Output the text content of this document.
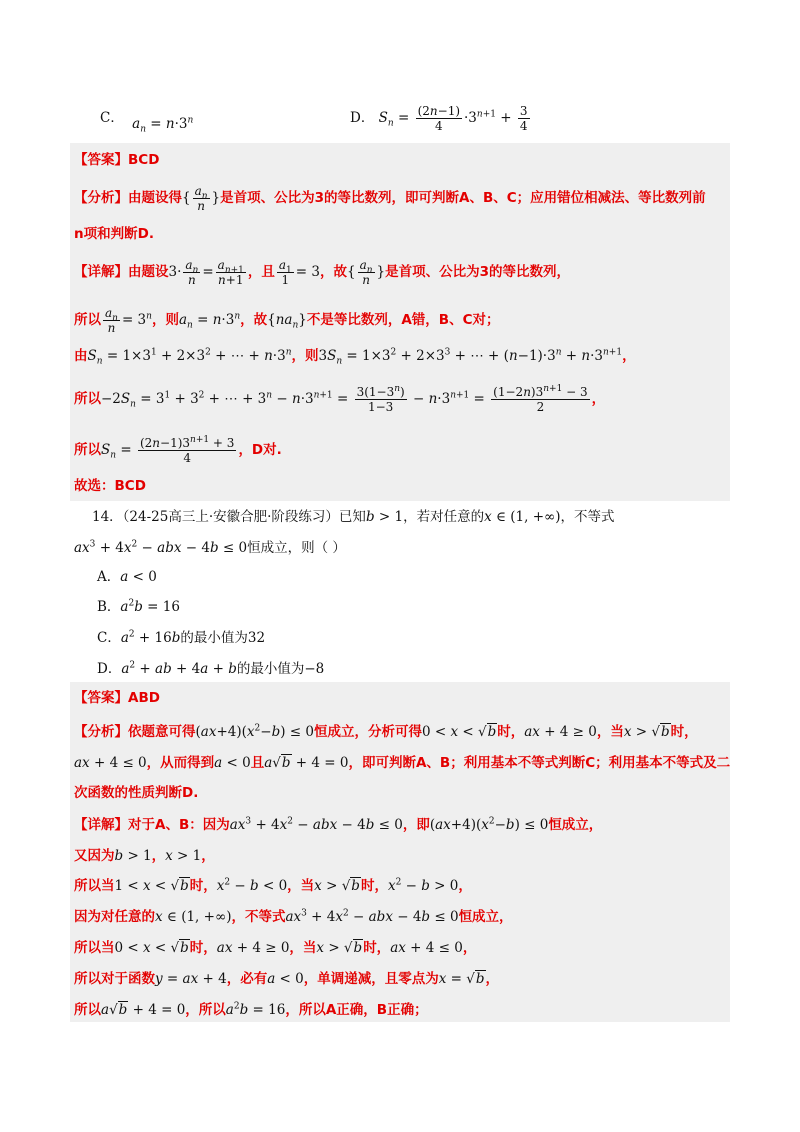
C． $a_n = n\cdot 3^n$	D． $S_n = \frac{(2n-1)}{4} \cdot 3^{n+1} + \frac{3}{4}$
【答案】BCD
【分析】由题设得{ $\frac{a_n}{n}$ }是首项、公比为3的等比数列，即可判断A、B、C；应用错位相减法、等比数列前
n项和判断D.
【详解】由题设$3\cdot \frac{a_n}{n} = \frac{a_{n+1}}{n+1}$ ，且 $\frac{a_1}{1} = 3$，故{ $\frac{a_n}{n}$ }是首项、公比为3的等比数列，
所以 $\frac{a_n}{n} = 3^n$，则$a_n = n\cdot 3^n$，故$\{na_n\}$不是等比数列，A错，B、C对；
由$S_n = 1\times 3^1 + 2\times 3^2$ + ⋯ + $n\cdot 3^n$，则$3S_n = 1\times 3^2 + 2\times 3^3$ + ⋯ + $(n-1)\cdot 3^n + n\cdot 3^{n+1}$，
所以$-2S_n = 3^1 + 3^2$ + ⋯ + $3^n - n\cdot 3^{n+1} = \frac{3(1-3^n)}{1-3} - n\cdot 3^{n+1} = \frac{(1-2n)3^{n+1} - 3}{2}$ ，
所以$S_n = \frac{(2n-1)3^{n+1} + 3}{4}$ ，D对.
故选：BCD
14．（24-25高三上·安徽合肥·阶段练习）已知b > 1，若对任意的x ∈ (1, +∞)，不等式
$ax^3 + 4x^2$ − abx − 4b ≤ 0恒成立，则（ ）
A．a < 0
B．$a^2b = 16$
C．$a^2 + 16b$的最小值为32
D．$a^2$ + ab + 4a + b的最小值为−8
【答案】ABD
【分析】依题意可得$(ax+4)(x^2-b) \le 0$恒成立，分析可得0 < x < √b时，ax + 4 ≥ 0，当x > √b时，
ax + 4 ≤ 0，从而得到a < 0且a√b + 4 = 0，即可判断A、B；利用基本不等式判断C；利用基本不等式及二
次函数的性质判断D.
【详解】对于A、B：因为$ax^3 + 4x^2$ − abx − 4b ≤ 0，即$(ax+4)(x^2-b) \le 0$恒成立，
又因为b > 1，x > 1，
所以当1 < x < √b时，$x^2 - b < 0$，当x > √b时，$x^2 - b > 0$，
因为对任意的x ∈ (1, +∞)，不等式$ax^3 + 4x^2$ − abx − 4b ≤ 0恒成立，
所以当0 < x < √b时，ax + 4 ≥ 0，当x > √b时，ax + 4 ≤ 0，
所以对于函数y = ax + 4，必有a < 0，单调递减，且零点为x = √b，
所以a√b + 4 = 0，所以$a^2b = 16$，所以A正确，B正确；
